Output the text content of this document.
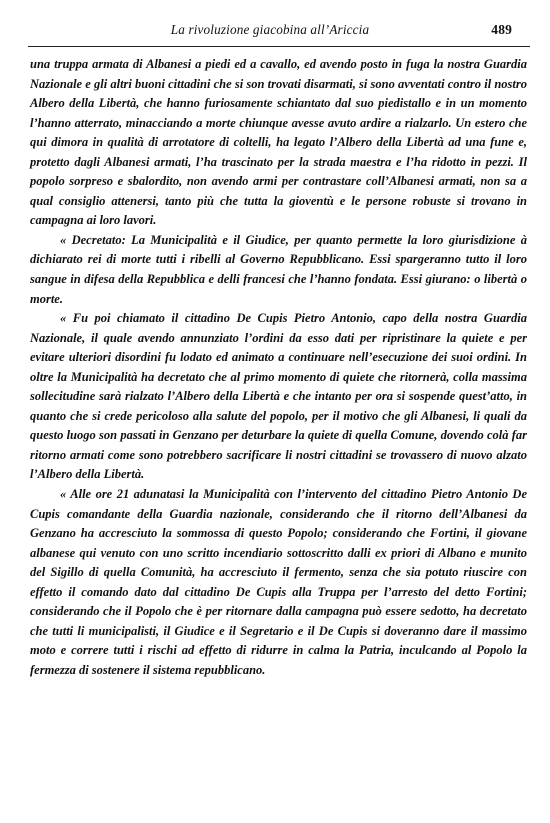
La rivoluzione giacobina all’Ariccia	489

una truppa armata di Albanesi a piedi ed a cavallo, ed avendo posto in fuga la nostra Guardia Nazionale e gli altri buoni cittadini che si son trovati disarmati, si sono avventati contro il nostro Albero della Libertà, che hanno furiosamente schiantato dal suo piedistallo e in un momento l’hanno atterrato, minacciando a morte chiunque avesse avuto ardire a rialzarlo. Un estero che qui dimora in qualità di arrotatore di coltelli, ha legato l’Albero della Libertà ad una fune e, protetto dagli Albanesi armati, l’ha trascinato per la strada maestra e l’ha ridotto in pezzi. Il popolo sorpreso e sbalordito, non avendo armi per contrastare coll’Albanesi armati, non sa a qual consiglio attenersi, tanto più che tutta la gioventù e le persone robuste si trovano in campagna ai loro lavori.

« Decretato: La Municipalità e il Giudice, per quanto permette la loro giurisdizione à dichiarato rei di morte tutti i ribelli al Governo Repubblicano. Essi spargeranno tutto il loro sangue in difesa della Repubblica e delli francesi che l’hanno fondata. Essi giurano: o libertà o morte.

« Fu poi chiamato il cittadino De Cupis Pietro Antonio, capo della nostra Guardia Nazionale, il quale avendo annunziato l’ordini da esso dati per ripristinare la quiete e per evitare ulteriori disordini fu lodato ed animato a continuare nell’esecuzione dei suoi ordini. In oltre la Municipalità ha decretato che al primo momento di quiete che ritornerà, colla massima sollecitudine sarà rialzato l’Albero della Libertà e che intanto per ora si sospende quest’atto, in quanto che si crede pericoloso alla salute del popolo, per il motivo che gli Albanesi, li quali da questo luogo son passati in Genzano per deturbare la quiete di quella Comune, dovendo colà far ritorno armati come sono potrebbero sacrificare li nostri cittadini se trovassero di nuovo alzato l’Albero della Libertà.

« Alle ore 21 adunatasi la Municipalità con l’intervento del cittadino Pietro Antonio De Cupis comandante della Guardia nazionale, considerando che il ritorno dell’Albanesi da Genzano ha accresciuto la sommossa di questo Popolo; considerando che Fortini, il giovane albanese qui venuto con uno scritto incendiario sottoscritto dalli ex priori di Albano e munito del Sigillo di quella Comunità, ha accresciuto il fermento, senza che sia potuto riuscire con effetto il comando dato dal cittadino De Cupis alla Truppa per l’arresto del detto Fortini; considerando che il Popolo che è per ritornare dalla campagna può essere sedotto, ha decretato che tutti li municipalisti, il Giudice e il Segretario e il De Cupis si doveranno dare il massimo moto e correre tutti i rischi ad effetto di ridurre in calma la Patria, inculcando al Popolo la fermezza di sostenere il sistema repubblicano.
